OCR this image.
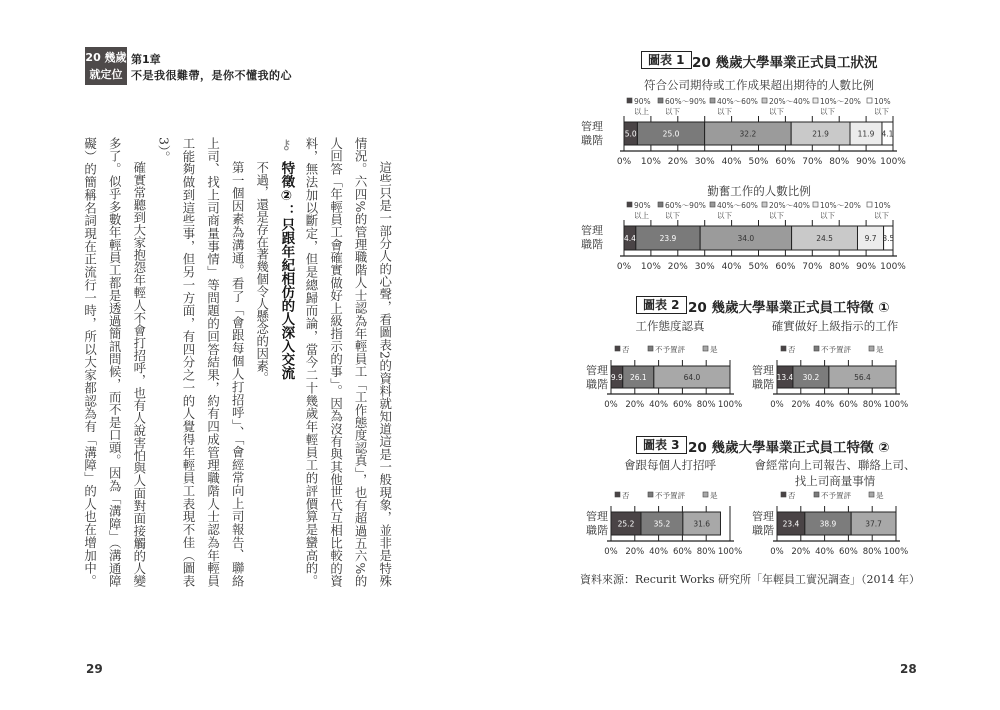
20 幾歲
就定位
第1章
不是我很難帶，是你不懂我的心
這些只是一部分人的心聲，看圖表2的資料就知道這是一般現象，並非是特殊
情況。六四%的管理職階人士認為年輕員工「工作態度認真」，也有超過五六%的
人回答「年輕員工會確實做好上級指示的事」。因為沒有與其他世代互相比較的資
料，無法加以斷定，但是總歸而論，當今二十幾歲年輕員工的評價算是蠻高的。
⚷特徵②：只跟年紀相仿的人深入交流
不過，還是存在著幾個令人懸念的因素。
第一個因素為溝通。看了「會跟每個人打招呼」、「會經常向上司報告、聯絡
上司、找上司商量事情」等問題的回答結果，約有四成管理職階人士認為年輕員
工能夠做到這些事，但另一方面，有四分之一的人覺得年輕員工表現不佳（圖表
3）。
確實常聽到大家抱怨年輕人不會打招呼，也有人說害怕與人面對面接觸的人變
多了。似乎多數年輕員工都是透過簡訊問候，而不是口頭。因為「溝障」（溝通障
礙）的簡稱名詞現在正流行一時，所以大家都認為有「溝障」的人也在增加中。
29	28
圖表 1 20 幾歲大學畢業正式員工狀況
符合公司期待或工作成果超出期待的人數比例
勤奮工作的人數比例
圖表 2 20 幾歲大學畢業正式員工特徵 ①
工作態度認真	確實做好上級指示的工作
圖表 3 20 幾歲大學畢業正式員工特徵 ②
會跟每個人打招呼	會經常向上司報告、聯絡上司、
找上司商量事情
資料來源：Recurit Works 研究所「年輕員工實況調查」（2014 年）
0% 10% 20% 30% 40% 50% 60% 70% 80% 90% 100%
5.0	25.0	32.2	21.9	11.9 4.1
90%
以上
60%～90%
以下
40%～60%
以下
20%～40%
以下
10%～20%
以下
10%
以下
管理
職階
0% 10% 20% 30% 40% 50% 60% 70% 80% 90% 100%
4.4	23.9	34.0	24.5	9.7 3.5
90%
以上
60%～90%
以下
40%～60%
以下
20%～40%
以下
10%～20%
以下
10%
以下
管理
職階
0% 20% 40% 60% 80% 100%
9.9 26.1	64.0
否	不予置評	是
管理
職階
0% 20% 40% 60% 80% 100%
13.4 30.2	56.4
否	不予置評	是
管理
職階
0% 20% 40% 60% 80% 100%
25.2	35.2	31.6
否	不予置評	是
管理
職階
0% 20% 40% 60% 80% 100%
23.4	38.9	37.7
否	不予置評	是
管理
職階
